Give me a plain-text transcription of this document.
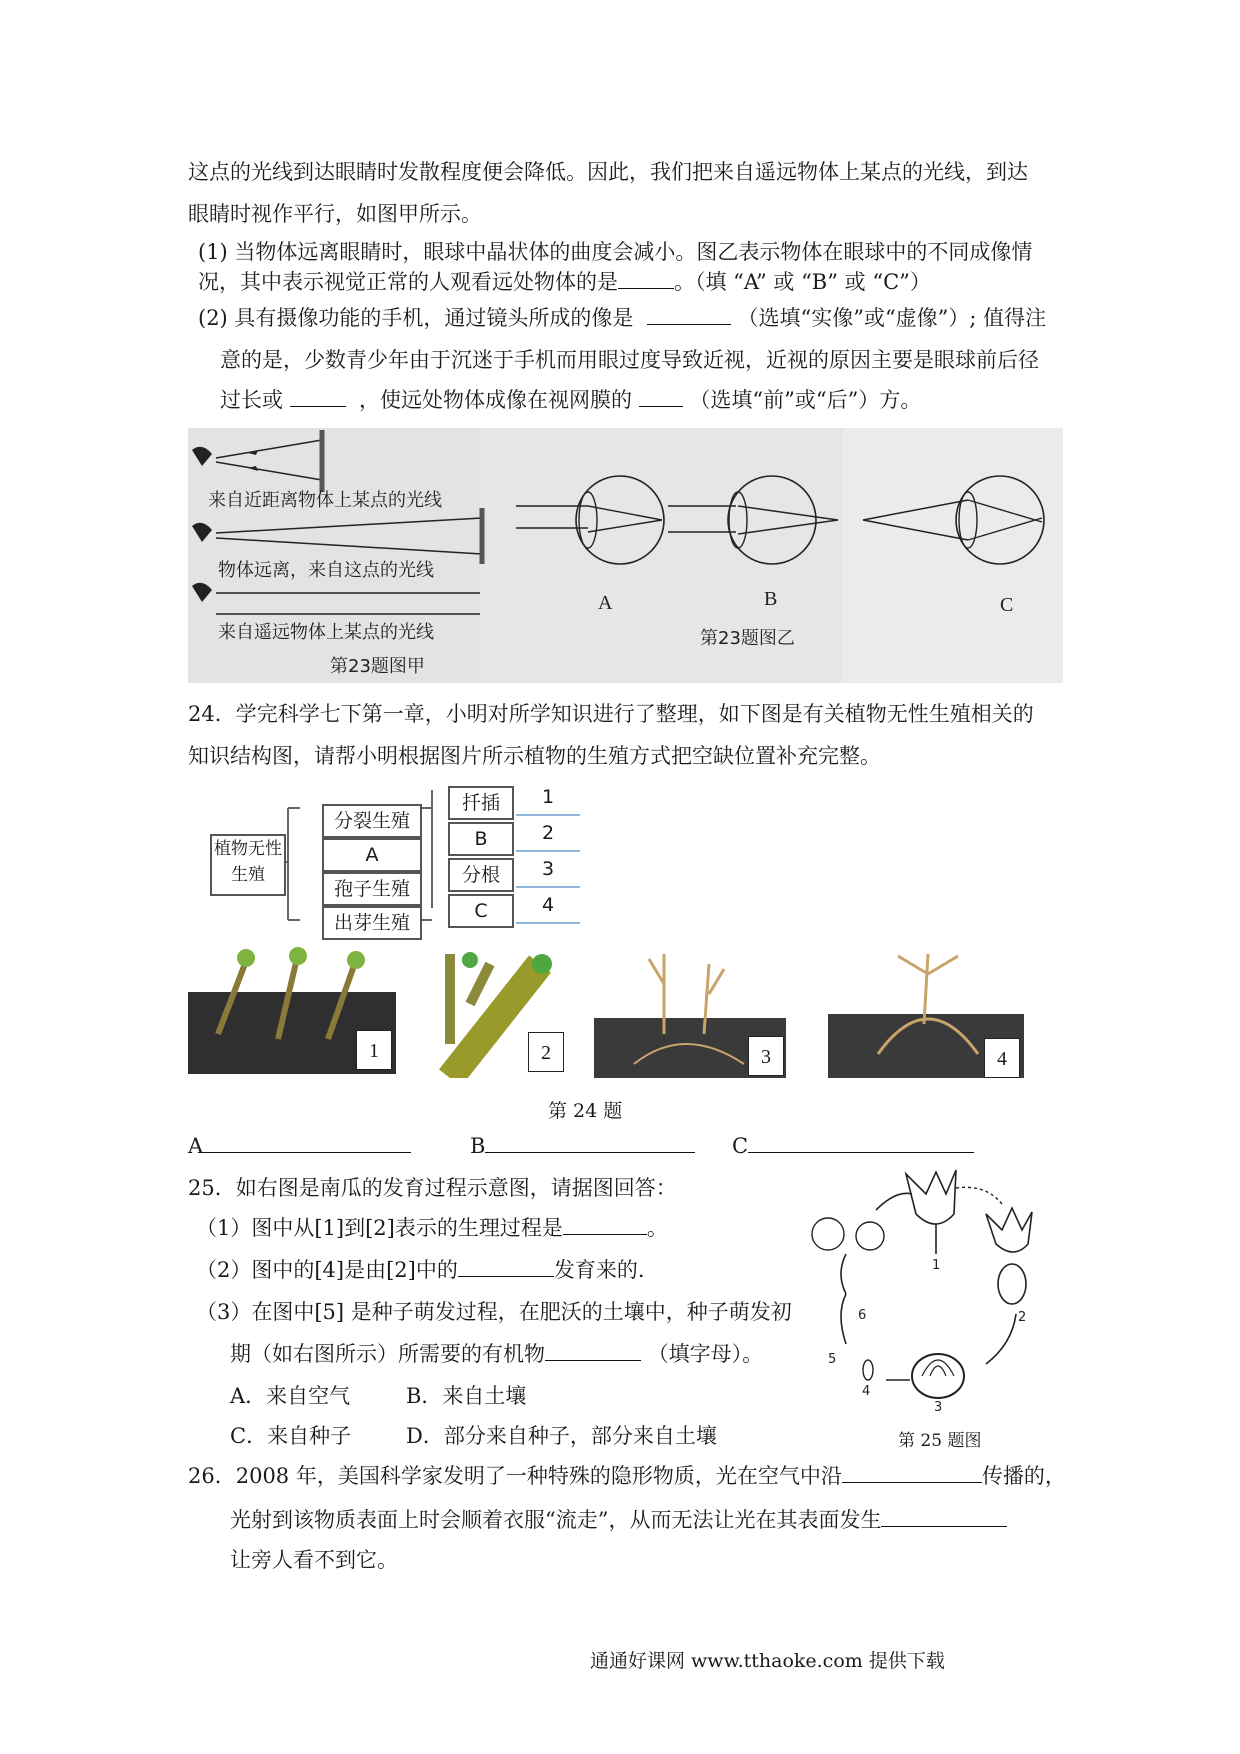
这点的光线到达眼睛时发散程度便会降低。因此，我们把来自遥远物体上某点的光线，到达
眼睛时视作平行，如图甲所示。
(1) 当物体远离眼睛时，眼球中晶状体的曲度会减小。图乙表示物体在眼球中的不同成像情
况，其中表示视觉正常的人观看远处物体的是	。（填 “A” 或 “B” 或 “C”）
(2) 具有摄像功能的手机，通过镜头所成的像是	（选填“实像”或“虚像”）; 值得注
意的是，少数青少年由于沉迷于手机而用眼过度导致近视，近视的原因主要是眼球前后径
过长或	，使远处物体成像在视网膜的	（选填“前”或“后”）方。
来自近距离物体上某点的光线
物体远离，来自这点的光线
来自遥远物体上某点的光线
第23题图甲
A	B	C
第23题图乙
24．学完科学七下第一章，小明对所学知识进行了整理，如下图是有关植物无性生殖相关的
知识结构图，请帮小明根据图片所示植物的生殖方式把空缺位置补充完整。
植物无性生殖
分裂生殖
A
孢子生殖
出芽生殖
扦插
B
分根
C
1
2
3
4
1	2	3	4
第 24 题
A	B	C
25．如右图是南瓜的发育过程示意图，请据图回答：
（1）图中从[1]到[2]表示的生理过程是	。
（2）图中的[4]是由[2]中的	发育来的.
（3）在图中[5] 是种子萌发过程，在肥沃的土壤中，种子萌发初
期（如右图所示）所需要的有机物	（填字母）。
A．来自空气	B．来自土壤
C．来自种子	D．部分来自种子，部分来自土壤
1
2
3
4
5
6
第 25 题图
26．2008 年，美国科学家发明了一种特殊的隐形物质，光在空气中沿	传播的，
光射到该物质表面上时会顺着衣服“流走”，从而无法让光在其表面发生
让旁人看不到它。
通通好课网 www.tthaoke.com 提供下载
